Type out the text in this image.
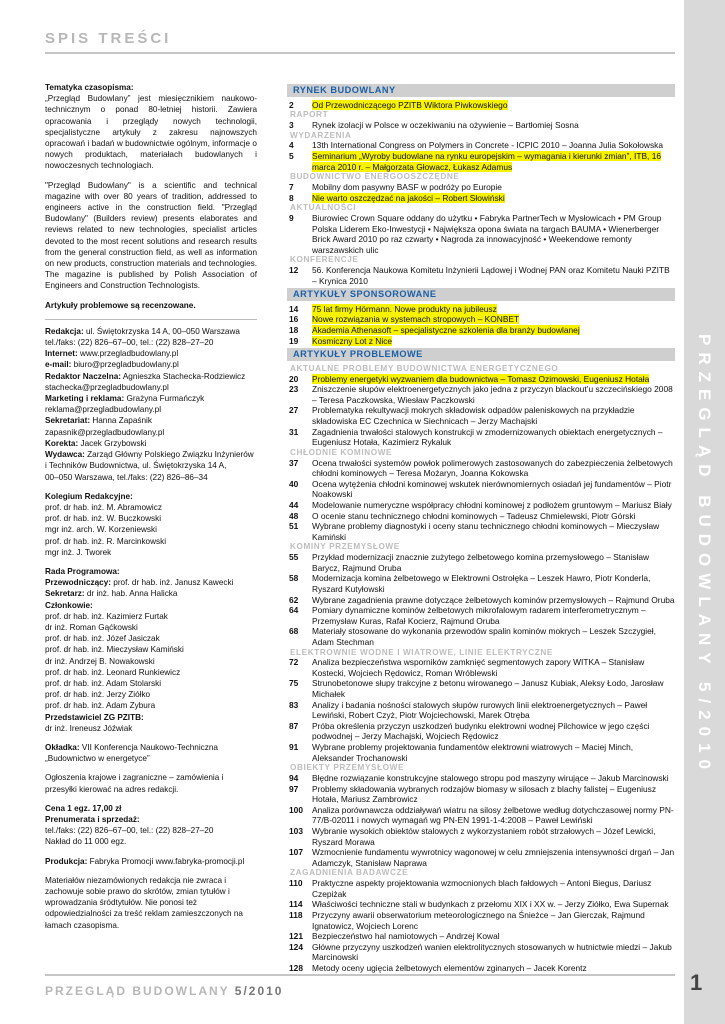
SPIS TREŚCI

Tematyka czasopisma:

„Przegląd Budowlany” jest miesięcznikiem naukowo-technicznym o ponad 80-letniej historii. Zawiera opracowania i przeglądy nowych technologii, specjalistyczne artykuły z zakresu najnowszych opracowań i badań w budownictwie ogólnym, informacje o nowych produktach, materiałach budowlanych i nowoczesnych technologiach.

"Przegląd Budowlany" is a scientific and technical magazine with over 80 years of tradition, addressed to engineers active in the construction field. "Przegląd Budowlany" (Builders review) presents elaborates and reviews related to new technologies, specialist articles devoted to the most recent solutions and research results from the general construction field, as well as information on new products, construction materials and technologies. The magazine is published by Polish Association of Engineers and Construction Technologists.

Artykuły problemowe są recenzowane.

Redakcja: ul. Świętokrzyska 14 A, 00–050 Warszawa

tel./faks: (22) 826–67–00, tel.: (22) 828–27–20

Internet: www.przegladbudowlany.pl

e-mail: biuro@przegladbudowlany.pl

Redaktor Naczelna: Agnieszka Stachecka-Rodziewicz

stachecka@przegladbudowlany.pl

Marketing i reklama: Grażyna Furmańczyk

reklama@przegladbudowlany.pl

Sekretariat: Hanna Zapaśnik

zapasnik@przegladbudowlany.pl

Korekta: Jacek Grzybowski

Wydawca: Zarząd Główny Polskiego Związku Inżynierów

i Techników Budownictwa, ul. Świętokrzyska 14 A,

00–050 Warszawa, tel./faks: (22) 826–86–34

Kolegium Redakcyjne:

prof. dr hab. inż. M. Abramowicz

prof. dr hab. inż. W. Buczkowski

mgr inż. arch. W. Korzeniewski

prof. dr hab. inż. R. Marcinkowski

mgr inż. J. Tworek

Rada Programowa:

Przewodniczący: prof. dr hab. inż. Janusz Kawecki

Sekretarz: dr inż. hab. Anna Halicka

Członkowie:

prof. dr hab. inż. Kazimierz Furtak

dr inż. Roman Gąćkowski

prof. dr hab. inż. Józef Jasiczak

prof. dr hab. inż. Mieczysław Kamiński

dr inż. Andrzej B. Nowakowski

prof. dr hab. inż. Leonard Runkiewicz

prof. dr hab. inż. Adam Stolarski

prof. dr hab. inż. Jerzy Ziółko

prof. dr hab. inż. Adam Zybura

Przedstawiciel ZG PZITB:

dr inż. Ireneusz Jóźwiak

Okładka: VII Konferencja Naukowo-Techniczna „Budownictwo w energetyce”

Ogłoszenia krajowe i zagraniczne – zamówienia i przesyłki kierować na adres redakcji.

Cena 1 egz. 17,00 zł

Prenumerata i sprzedaż:

tel./faks: (22) 826–67–00, tel.: (22) 828–27–20

Nakład do 11 000 egz.

Produkcja: Fabryka Promocji www.fabryka-promocji.pl

Materiałów niezamówionych redakcja nie zwraca i zachowuje sobie prawo do skrótów, zmian tytułów i wprowadzania śródtytułów. Nie ponosi też odpowiedzialności za treść reklam zamieszczonych na łamach czasopisma.

RYNEK BUDOWLANY
2	Od Przewodniczącego PZITB Wiktora Piwkowskiego
RAPORT
3	Rynek izolacji w Polsce w oczekiwaniu na ożywienie – Bartłomiej Sosna
WYDARZENIA
4	13th International Congress on Polymers in Concrete - ICPIC 2010 – Joanna Julia Sokołowska
5	Seminarium „Wyroby budowlane na rynku europejskim – wymagania i kierunki zmian”, ITB, 16 marca 2010 r. – Małgorzata Głowacz, Łukasz Adamus
BUDOWNICTWO ENERGOOSZCZĘDNE
7	Mobilny dom pasywny BASF w podróży po Europie
8	Nie warto oszczędzać na jakości – Robert Słowiński
AKTUALNOŚCI
9	Biurowiec Crown Square oddany do użytku • Fabryka PartnerTech w Mysłowicach • PM Group Polska Liderem Eko-Inwestycji • Największa opona świata na targach BAUMA • Wienerberger Brick Award 2010 po raz czwarty • Nagroda za innowacyjność • Weekendowe remonty warszawskich ulic
KONFERENCJE
12	56. Konferencja Naukowa Komitetu Inżynierii Lądowej i Wodnej PAN oraz Komitetu Nauki PZITB – Krynica 2010
ARTYKUŁY SPONSOROWANE
14	75 lat firmy Hörmann. Nowe produkty na jubileusz
16	Nowe rozwiązania w systemach stropowych – KONBET
18	Akademia Athenasoft – specjalistyczne szkolenia dla branży budowlanej
19	Kosmiczny Lot z Nice
ARTYKUŁY PROBLEMOWE
AKTUALNE PROBLEMY BUDOWNICTWA ENERGETYCZNEGO
20	Problemy energetyki wyzwaniem dla budownictwa – Tomasz Ozimowski, Eugeniusz Hotała
23	Zniszczenie słupów elektroenergetycznych jako jedna z przyczyn blackout’u szczecińskiego 2008 – Teresa Paczkowska, Wiesław Paczkowski
27	Problematyka rekultywacji mokrych składowisk odpadów paleniskowych na przykładzie składowiska EC Czechnica w Siechnicach – Jerzy Machajski
31	Zagadnienia trwałości stalowych konstrukcji w zmodernizowanych obiektach energetycznych – Eugeniusz Hotała, Kazimierz Rykaluk
CHŁODNIE KOMINOWE
37	Ocena trwałości systemów powłok polimerowych zastosowanych do zabezpieczenia żelbetowych chłodni kominowych – Teresa Możaryn, Joanna Kokowska
40	Ocena wytężenia chłodni kominowej wskutek nierównomiernych osiadań jej fundamentów – Piotr Noakowski
44	Modelowanie numeryczne współpracy chłodni kominowej z podłożem gruntowym – Mariusz Biały
48	O ocenie stanu technicznego chłodni kominowych – Tadeusz Chmielewski, Piotr Górski
51	Wybrane problemy diagnostyki i oceny stanu technicznego chłodni kominowych – Mieczysław Kamiński
KOMINY PRZEMYSŁOWE
55	Przykład modernizacji znacznie zużytego żelbetowego komina przemysłowego – Stanisław Barycz, Rajmund Oruba
58	Modernizacja komina żelbetowego w Elektrowni Ostrołęka – Leszek Hawro, Piotr Konderla, Ryszard Kutyłowski
62	Wybrane zagadnienia prawne dotyczące żelbetowych kominów przemysłowych – Rajmund Oruba
64	Pomiary dynamiczne kominów żelbetowych mikrofalowym radarem interferometrycznym – Przemysław Kuras, Rafał Kocierz, Rajmund Oruba
68	Materiały stosowane do wykonania przewodów spalin kominów mokrych – Leszek Szczygieł, Adam Stechman
ELEKTROWNIE WODNE I WIATROWE, LINIE ELEKTRYCZNE
72	Analiza bezpieczeństwa wsporników zamknięć segmentowych zapory WITKA – Stanisław Kostecki, Wojciech Rędowicz, Roman Wróblewski
75	Strunobetonowe słupy trakcyjne z betonu wirowanego – Janusz Kubiak, Aleksy Łodo, Jarosław Michałek
83	Analizy i badania nośności stalowych słupów rurowych linii elektroenergetycznych – Paweł Lewiński, Robert Czyż, Piotr Wojciechowski, Marek Otręba
87	Próba określenia przyczyn uszkodzeń budynku elektrowni wodnej Pilchowice w jego części podwodnej – Jerzy Machajski, Wojciech Rędowicz
91	Wybrane problemy projektowania fundamentów elektrowni wiatrowych – Maciej Minch, Aleksander Trochanowski
OBIEKTY PRZEMYSŁOWE
94	Błędne rozwiązanie konstrukcyjne stalowego stropu pod maszyny wirujące – Jakub Marcinowski
97	Problemy składowania wybranych rodzajów biomasy w silosach z blachy falistej – Eugeniusz Hotała, Mariusz Zambrowicz
100	Analiza porównawcza oddziaływań wiatru na silosy żelbetowe według dotychczasowej normy PN-77/B-02011 i nowych wymagań wg PN-EN 1991-1-4:2008 – Paweł Lewiński
103	Wybranie wysokich obiektów stalowych z wykorzystaniem robót strzałowych – Józef Lewicki, Ryszard Morawa
107	Wzmocnienie fundamentu wywrotnicy wagonowej w celu zmniejszenia intensywności drgań – Jan Adamczyk, Stanisław Naprawa
ZAGADNIENIA BADAWCZE
110	Praktyczne aspekty projektowania wzmocnionych blach fałdowych – Antoni Biegus, Dariusz Czepiżak
114	Właściwości techniczne stali w budynkach z przełomu XIX i XX w. – Jerzy Ziółko, Ewa Supernak
118	Przyczyny awarii obserwatorium meteorologicznego na Śnieżce – Jan Gierczak, Rajmund Ignatowicz, Wojciech Lorenc
121	Bezpieczeństwo hal namiotowych – Andrzej Kowal
124	Główne przyczyny uszkodzeń wanien elektrolitycznych stosowanych w hutnictwie miedzi – Jakub Marcinowski
128	Metody oceny ugięcia żelbetowych elementów zginanych – Jacek Korentz
PRZEGLĄD BUDOWLANY 5/2010
PRZEGLĄD BUDOWLANY 5/2010	1
